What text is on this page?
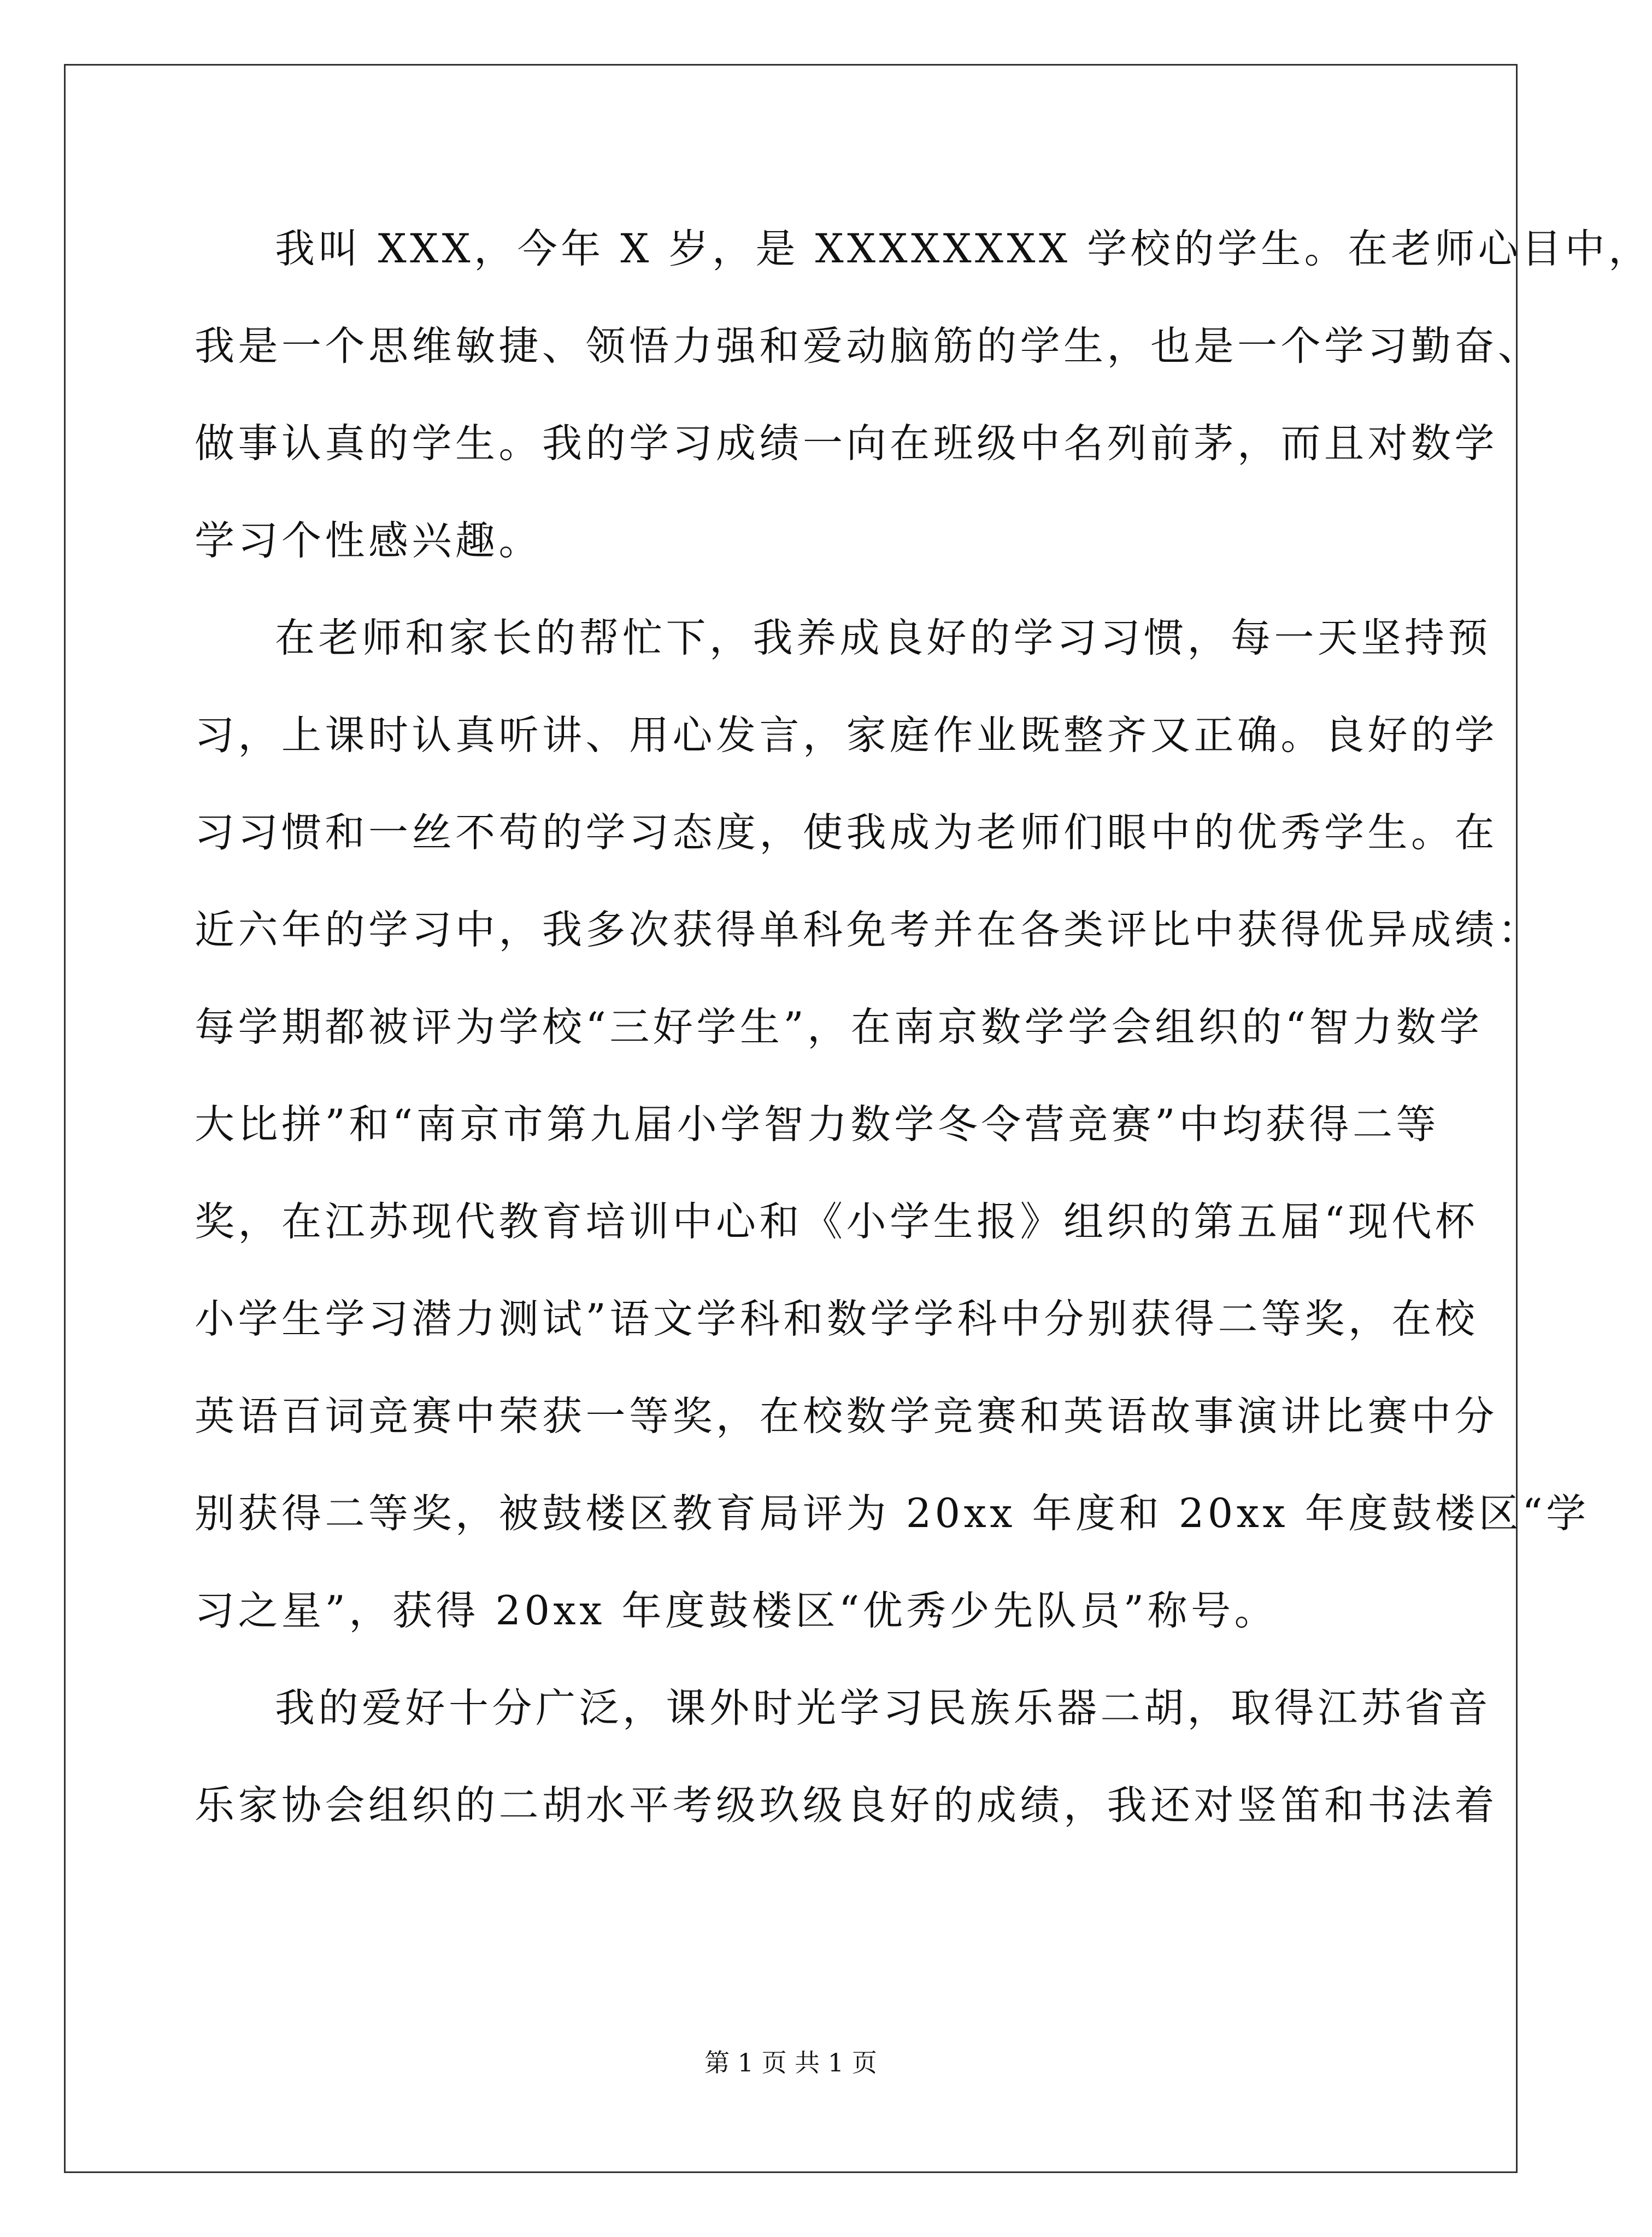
我叫 XXX，今年 X 岁，是 XXXXXXXX 学校的学生。在老师心目中，
我是一个思维敏捷、领悟力强和爱动脑筋的学生，也是一个学习勤奋、
做事认真的学生。我的学习成绩一向在班级中名列前茅，而且对数学
学习个性感兴趣。
在老师和家长的帮忙下，我养成良好的学习习惯，每一天坚持预
习，上课时认真听讲、用心发言，家庭作业既整齐又正确。良好的学
习习惯和一丝不苟的学习态度，使我成为老师们眼中的优秀学生。在
近六年的学习中，我多次获得单科免考并在各类评比中获得优异成绩：
每学期都被评为学校“三好学生”，在南京数学学会组织的“智力数学
大比拼”和“南京市第九届小学智力数学冬令营竞赛”中均获得二等
奖，在江苏现代教育培训中心和《小学生报》组织的第五届“现代杯
小学生学习潜力测试”语文学科和数学学科中分别获得二等奖，在校
英语百词竞赛中荣获一等奖，在校数学竞赛和英语故事演讲比赛中分
别获得二等奖，被鼓楼区教育局评为 20xx 年度和 20xx 年度鼓楼区“学
习之星”，获得 20xx 年度鼓楼区“优秀少先队员”称号。
我的爱好十分广泛，课外时光学习民族乐器二胡，取得江苏省音
乐家协会组织的二胡水平考级玖级良好的成绩，我还对竖笛和书法着
第 1 页 共 1 页
